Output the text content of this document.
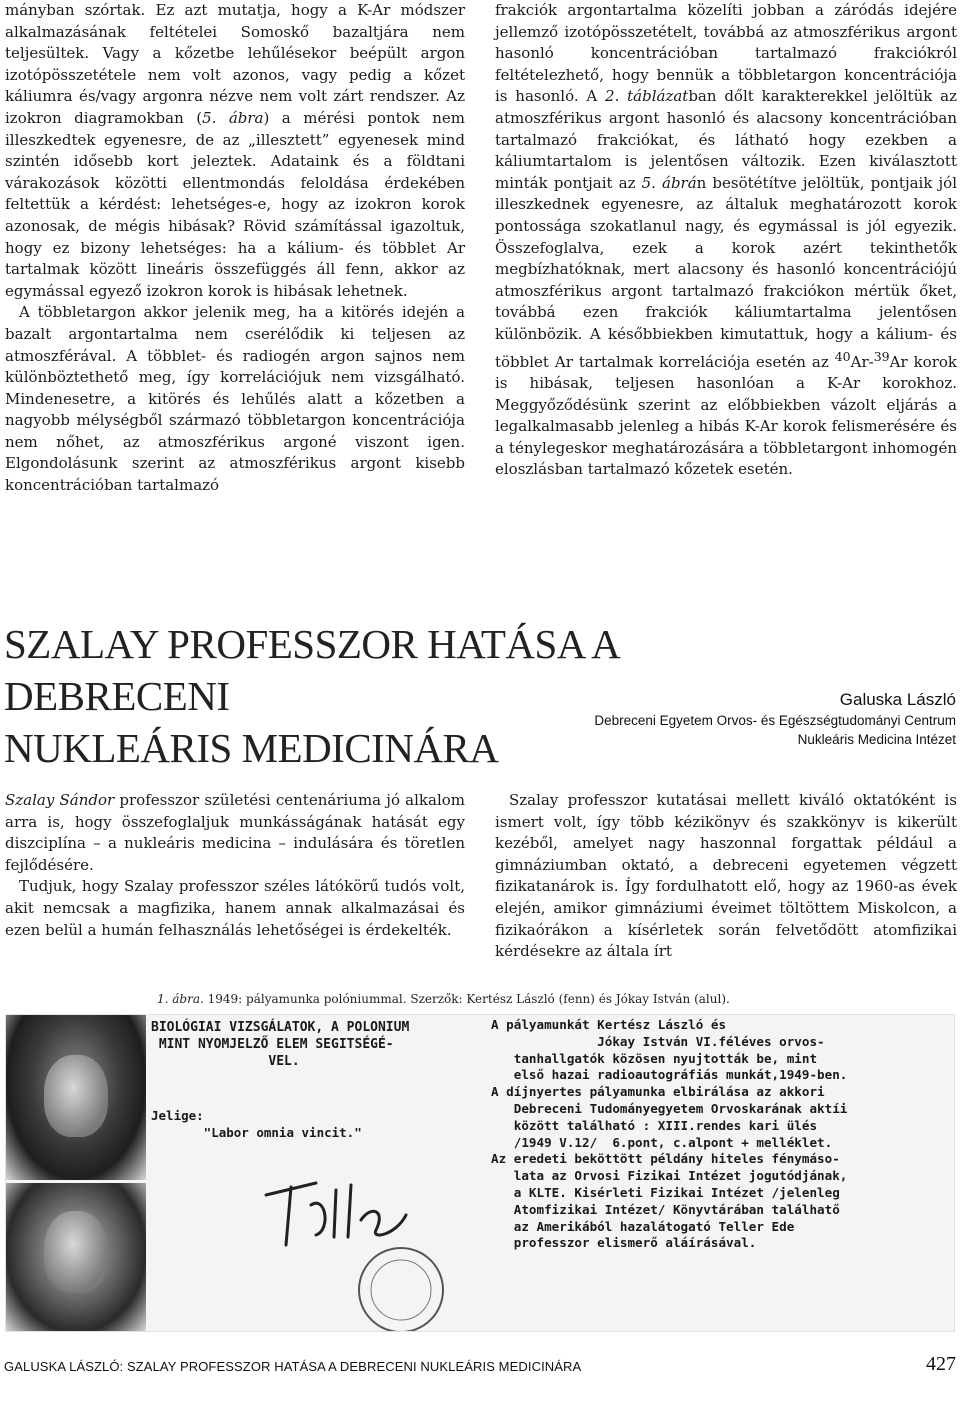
mányban szórtak. Ez azt mutatja, hogy a K-Ar módszer alkalmazásának feltételei Somoskő bazaltjára nem teljesültek. Vagy a kőzetbe lehűlésekor beépült argon izotópösszetétele nem volt azonos, vagy pedig a kőzet káliumra és/vagy argonra nézve nem volt zárt rendszer. Az izokron diagramokban (5. ábra) a mérési pontok nem illeszkedtek egyenesre, de az „illesztett” egyenesek mind szintén idősebb kort jeleztek. Adataink és a földtani várakozások közötti ellentmondás feloldása érdekében feltettük a kérdést: lehetséges-e, hogy az izokron korok azonosak, de mégis hibásak? Rövid számítással igazoltuk, hogy ez bizony lehetséges: ha a kálium- és többlet Ar tartalmak között lineáris összefüggés áll fenn, akkor az egymással egyező izokron korok is hibásak lehetnek.

A többletargon akkor jelenik meg, ha a kitörés idején a bazalt argontartalma nem cserélődik ki teljesen az atmoszférával. A többlet- és radiogén argon sajnos nem különböztethető meg, így korrelációjuk nem vizsgálható. Mindenesetre, a kitörés és lehűlés alatt a kőzetben a nagyobb mélységből származó többletargon koncentrációja nem nőhet, az atmoszférikus argoné viszont igen. Elgondolásunk szerint az atmoszférikus argont kisebb koncentrációban tartalmazó

frakciók argontartalma közelíti jobban a záródás idejére jellemző izotópösszetételt, továbbá az atmoszférikus argont hasonló koncentrációban tartalmazó frakciókról feltételezhető, hogy bennük a többletargon koncentrációja is hasonló. A 2. táblázatban dőlt karakterekkel jelöltük az atmoszférikus argont hasonló és alacsony koncentrációban tartalmazó frakciókat, és látható hogy ezekben a káliumtartalom is jelentősen változik. Ezen kiválasztott minták pontjait az 5. ábrán besötétítve jelöltük, pontjaik jól illeszkednek egyenesre, az általuk meghatározott korok pontossága szokatlanul nagy, és egymással is jól egyezik. Összefoglalva, ezek a korok azért tekinthetők megbízhatóknak, mert alacsony és hasonló koncentrációjú atmoszférikus argont tartalmazó frakciókon mértük őket, továbbá ezen frakciók káliumtartalma jelentősen különbözik. A későbbiekben kimutattuk, hogy a kálium- és többlet Ar tartalmak korrelációja esetén az $^{40}$Ar-$^{39}$Ar korok is hibásak, teljesen hasonlóan a K-Ar korokhoz. Meggyőződésünk szerint az előbbiekben vázolt eljárás a legalkalmasabb jelenleg a hibás K-Ar korok felismerésére és a ténylegeskor meghatározására a többletargont inhomogén eloszlásban tartalmazó kőzetek esetén.

SZALAY PROFESSZOR HATÁSA A DEBRECENI
NUKLEÁRIS MEDICINÁRA
Galuska László
Debreceni Egyetem Orvos- és Egészségtudományi Centrum
Nukleáris Medicina Intézet

Szalay Sándor professzor születési centenáriuma jó alkalom arra is, hogy összefoglaljuk munkásságának hatását egy diszciplína – a nukleáris medicina – indulására és töretlen fejlődésére.

Tudjuk, hogy Szalay professzor széles látókörű tudós volt, akit nemcsak a magfizika, hanem annak alkalmazásai és ezen belül a humán felhasználás lehetőségei is érdekelték.

Szalay professzor kutatásai mellett kiváló oktatóként is ismert volt, így több kézikönyv és szakkönyv is kikerült kezéből, amelyet nagy haszonnal forgattak például a gimnáziumban oktató, a debreceni egyetemen végzett fizikatanárok is. Így fordulhatott elő, hogy az 1960-as évek elején, amikor gimnáziumi éveimet töltöttem Miskolcon, a fizikaórákon a kísérletek során felvetődött atomfizikai kérdésekre az általa írt

1. ábra. 1949: pályamunka polóniummal. Szerzők: Kertész László (fenn) és Jókay István (alul).
BIOLÓGIAI VIZSGÁLATOK, A POLONIUM
MINT NYOMJELZŐ ELEM SEGITSÉGÉ-
VEL.
Jelige:
"Labor omnia vincit."
A pályamunkát Kertész László és
Jókay István VI.féléves orvos-
tanhallgatók közösen nyujtották be, mint
első hazai radioautográfiás munkát,1949-ben.
A díjnyertes pályamunka elbirálása az akkori
Debreceni Tudományegyetem Orvoskarának aktíi
között található : XIII.rendes kari ülés
/1949 V.12/  6.pont, c.alpont + melléklet.
Az eredeti beköttött példány hiteles fénymáso-
lata az Orvosi Fizikai Intézet jogutódjának,
a KLTE. Kisérleti Fizikai Intézet /jelenleg
Atomfizikai Intézet/ Könyvtárában találhatő
az Amerikából hazalátogató Teller Ede
professzor elismerő aláírásával.
GALUSKA LÁSZLÓ: SZALAY PROFESSZOR HATÁSA A DEBRECENI NUKLEÁRIS MEDICINÁRA	427
